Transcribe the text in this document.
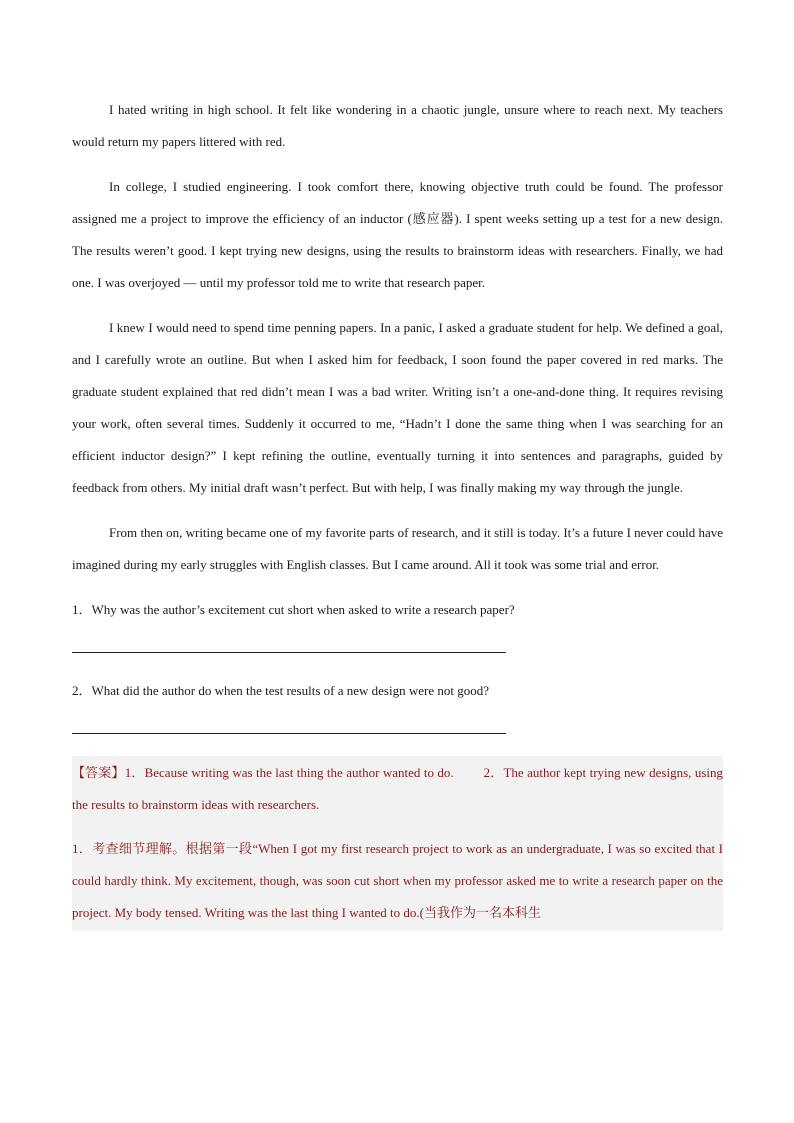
I hated writing in high school. It felt like wondering in a chaotic jungle, unsure where to reach next. My teachers would return my papers littered with red.

In college, I studied engineering. I took comfort there, knowing objective truth could be found. The professor assigned me a project to improve the efficiency of an inductor (感应器). I spent weeks setting up a test for a new design. The results weren’t good. I kept trying new designs, using the results to brainstorm ideas with researchers. Finally, we had one. I was overjoyed — until my professor told me to write that research paper.

I knew I would need to spend time penning papers. In a panic, I asked a graduate student for help. We defined a goal, and I carefully wrote an outline. But when I asked him for feedback, I soon found the paper covered in red marks. The graduate student explained that red didn’t mean I was a bad writer. Writing isn’t a one-and-done thing. It requires revising your work, often several times. Suddenly it occurred to me, “Hadn’t I done the same thing when I was searching for an efficient inductor design?” I kept refining the outline, eventually turning it into sentences and paragraphs, guided by feedback from others. My initial draft wasn’t perfect. But with help, I was finally making my way through the jungle.

From then on, writing became one of my favorite parts of research, and it still is today. It’s a future I never could have imagined during my early struggles with English classes. But I came around. All it took was some trial and error.

1．Why was the author’s excitement cut short when asked to write a research paper?

2．What did the author do when the test results of a new design were not good?

【答案】1．Because writing was the last thing the author wanted to do. 2．The author kept trying new designs, using the results to brainstorm ideas with researchers.

1．考查细节理解。根据第一段“When I got my first research project to work as an undergraduate, I was so excited that I could hardly think. My excitement, though, was soon cut short when my professor asked me to write a research paper on the project. My body tensed. Writing was the last thing I wanted to do.(当我作为一名本科生
